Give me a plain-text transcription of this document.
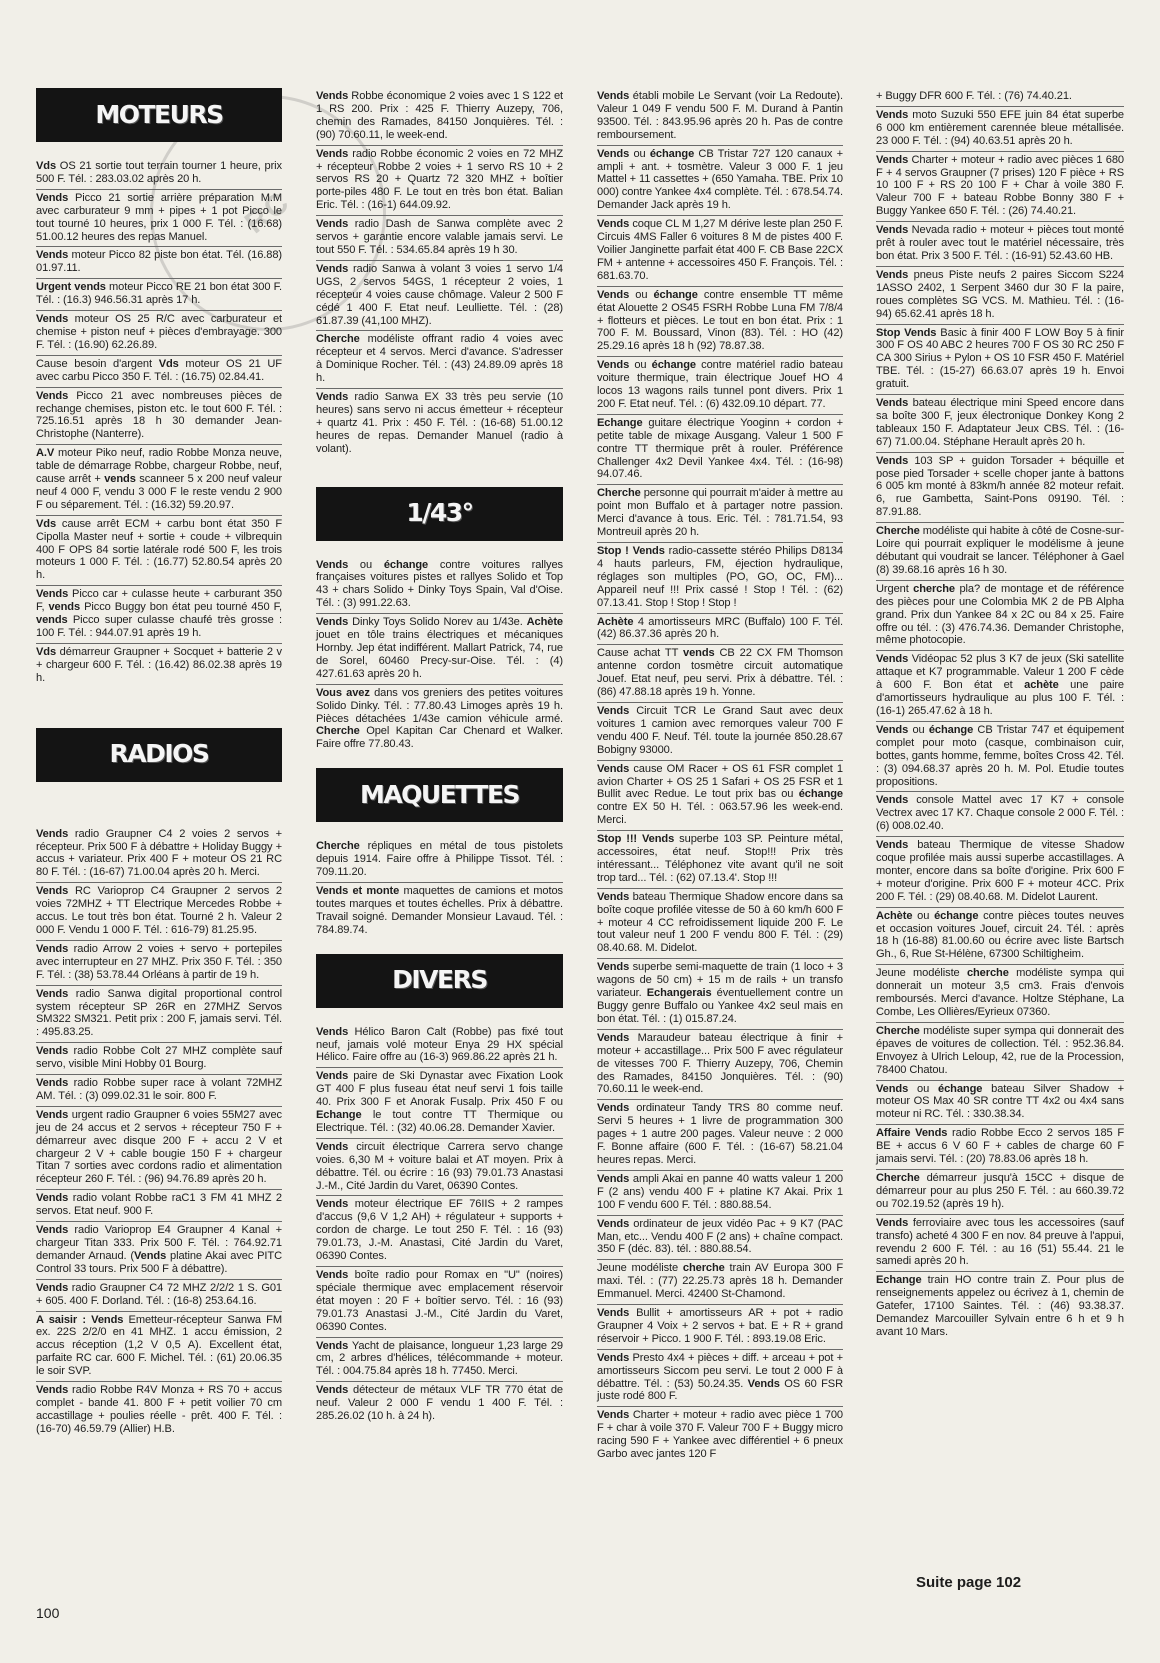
RC
MOTEURS

Vds OS 21 sortie tout terrain tourner 1 heure, prix 500 F. Tél. : 283.03.02 après 20 h.

Vends Picco 21 sortie arrière préparation M.M avec carburateur 9 mm + pipes + 1 pot Picco le tout tourné 10 heures, prix 1 000 F. Tél. : (16.68) 51.00.12 heures des repas Manuel.

Vends moteur Picco 82 piste bon état. Tél. (16.88) 01.97.11.

Urgent vends moteur Picco RE 21 bon état 300 F. Tél. : (16.3) 946.56.31 après 17 h.

Vends moteur OS 25 R/C avec carburateur et chemise + piston neuf + pièces d'embrayage. 300 F. Tél. : (16.90) 62.26.89.

Cause besoin d'argent Vds moteur OS 21 UF avec carbu Picco 350 F. Tél. : (16.75) 02.84.41.

Vends Picco 21 avec nombreuses pièces de rechange chemises, piston etc. le tout 600 F. Tél. : 725.16.51 après 18 h 30 demander Jean-Christophe (Nanterre).

A.V moteur Piko neuf, radio Robbe Monza neuve, table de démarrage Robbe, chargeur Robbe, neuf, cause arrêt + vends scanneer 5 x 200 neuf valeur neuf 4 000 F, vendu 3 000 F le reste vendu 2 900 F ou séparement. Tél. : (16.32) 59.20.97.

Vds cause arrêt ECM + carbu bont état 350 F Cipolla Master neuf + sortie + coude + vilbrequin 400 F OPS 84 sortie latérale rodé 500 F, les trois moteurs 1 000 F. Tél. : (16.77) 52.80.54 après 20 h.

Vends Picco car + culasse heute + carburant 350 F, vends Picco Buggy bon état peu tourné 450 F, vends Picco super culasse chaufé très grosse : 100 F. Tél. : 944.07.91 après 19 h.

Vds démarreur Graupner + Socquet + batterie 2 v + chargeur 600 F. Tél. : (16.42) 86.02.38 après 19 h.

RADIOS

Vends radio Graupner C4 2 voies 2 servos + récepteur. Prix 500 F à débattre + Holiday Buggy + accus + variateur. Prix 400 F + moteur OS 21 RC 80 F. Tél. : (16-67) 71.00.04 après 20 h. Merci.

Vends RC Varioprop C4 Graupner 2 servos 2 voies 72MHZ + TT Electrique Mercedes Robbe + accus. Le tout très bon état. Tourné 2 h. Valeur 2 000 F. Vendu 1 000 F. Tél. : 616-79) 81.25.95.

Vends radio Arrow 2 voies + servo + portepiles avec interrupteur en 27 MHZ. Prix 350 F. Tél. : 350 F. Tél. : (38) 53.78.44 Orléans à partir de 19 h.

Vends radio Sanwa digital proportional control system récepteur SP 26R en 27MHZ Servos SM322 SM321. Petit prix : 200 F, jamais servi. Tél. : 495.83.25.

Vends radio Robbe Colt 27 MHZ complète sauf servo, visible Mini Hobby 01 Bourg.

Vends radio Robbe super race à volant 72MHZ AM. Tél. : (3) 099.02.31 le soir. 800 F.

Vends urgent radio Graupner 6 voies 55M27 avec jeu de 24 accus et 2 servos + récepteur 750 F + démarreur avec disque 200 F + accu 2 V et chargeur 2 V + cable bougie 150 F + chargeur Titan 7 sorties avec cordons radio et alimentation récepteur 260 F. Tél. : (96) 94.76.89 après 20 h.

Vends radio volant Robbe raC1 3 FM 41 MHZ 2 servos. Etat neuf. 900 F.

Vends radio Varioprop E4 Graupner 4 Kanal + chargeur Titan 333. Prix 500 F. Tél. : 764.92.71 demander Arnaud. (Vends platine Akai avec PITC Control 33 tours. Prix 500 F à débattre).

Vends radio Graupner C4 72 MHZ 2/2/2 1 S. G01 + 605. 400 F. Dorland. Tél. : (16-8) 253.64.16.

A saisir : Vends Emetteur-récepteur Sanwa FM ex. 22S 2/2/0 en 41 MHZ. 1 accu émission, 2 accus réception (1,2 V 0,5 A). Excellent état, parfaite RC car. 600 F. Michel. Tél. : (61) 20.06.35 le soir SVP.

Vends radio Robbe R4V Monza + RS 70 + accus complet - bande 41. 800 F + petit voilier 70 cm accastillage + poulies réelle - prêt. 400 F. Tél. : (16-70) 46.59.79 (Allier) H.B.

Vends Robbe économique 2 voies avec 1 S 122 et 1 RS 200. Prix : 425 F. Thierry Auzepy, 706, chemin des Ramades, 84150 Jonquières. Tél. : (90) 70.60.11, le week-end.

Vends radio Robbe économic 2 voies en 72 MHZ + récepteur Robbe 2 voies + 1 servo RS 10 + 2 servos RS 20 + Quartz 72 320 MHZ + boîtier porte-piles 480 F. Le tout en très bon état. Balian Eric. Tél. : (16-1) 644.09.92.

Vends radio Dash de Sanwa complète avec 2 servos + garantie encore valable jamais servi. Le tout 550 F. Tél. : 534.65.84 après 19 h 30.

Vends radio Sanwa à volant 3 voies 1 servo 1/4 UGS, 2 servos 54GS, 1 récepteur 2 voies, 1 récepteur 4 voies cause chômage. Valeur 2 500 F cédé 1 400 F. Etat neuf. Leulliette. Tél. : (28) 61.87.39 (41,100 MHZ).

Cherche modéliste offrant radio 4 voies avec récepteur et 4 servos. Merci d'avance. S'adresser à Dominique Rocher. Tél. : (43) 24.89.09 après 18 h.

Vends radio Sanwa EX 33 très peu servie (10 heures) sans servo ni accus émetteur + récepteur + quartz 41. Prix : 450 F. Tél. : (16-68) 51.00.12 heures de repas. Demander Manuel (radio à volant).

1/43°

Vends ou échange contre voitures rallyes françaises voitures pistes et rallyes Solido et Top 43 + chars Solido + Dinky Toys Spain, Val d'Oise. Tél. : (3) 991.22.63.

Vends Dinky Toys Solido Norev au 1/43e. Achète jouet en tôle trains électriques et mécaniques Hornby. Jep état indifférent. Mallart Patrick, 74, rue de Sorel, 60460 Precy-sur-Oise. Tél. : (4) 427.61.63 après 20 h.

Vous avez dans vos greniers des petites voitures Solido Dinky. Tél. : 77.80.43 Limoges après 19 h. Pièces détachées 1/43e camion véhicule armé. Cherche Opel Kapitan Car Chenard et Walker. Faire offre 77.80.43.

MAQUETTES

Cherche répliques en métal de tous pistolets depuis 1914. Faire offre à Philippe Tissot. Tél. : 709.11.20.

Vends et monte maquettes de camions et motos toutes marques et toutes échelles. Prix à débattre. Travail soigné. Demander Monsieur Lavaud. Tél. : 784.89.74.

DIVERS

Vends Hélico Baron Calt (Robbe) pas fixé tout neuf, jamais volé moteur Enya 29 HX spécial Hélico. Faire offre au (16-3) 969.86.22 après 21 h.

Vends paire de Ski Dynastar avec Fixation Look GT 400 F plus fuseau état neuf servi 1 fois taille 40. Prix 300 F et Anorak Fusalp. Prix 450 F ou Echange le tout contre TT Thermique ou Electrique. Tél. : (32) 40.06.28. Demander Xavier.

Vends circuit électrique Carrera servo change voies. 6,30 M + voiture balai et AT moyen. Prix à débattre. Tél. ou écrire : 16 (93) 79.01.73 Anastasi J.-M., Cité Jardin du Varet, 06390 Contes.

Vends moteur électrique EF 76IIS + 2 rampes d'accus (9,6 V 1,2 AH) + régulateur + supports + cordon de charge. Le tout 250 F. Tél. : 16 (93) 79.01.73, J.-M. Anastasi, Cité Jardin du Varet, 06390 Contes.

Vends boîte radio pour Romax en "U" (noires) spéciale thermique avec emplacement réservoir état moyen : 20 F + boîtier servo. Tél. : 16 (93) 79.01.73 Anastasi J.-M., Cité Jardin du Varet, 06390 Contes.

Vends Yacht de plaisance, longueur 1,23 large 29 cm, 2 arbres d'hélices, télécommande + moteur. Tél. : 004.75.84 après 18 h. 77450. Merci.

Vends détecteur de métaux VLF TR 770 état de neuf. Valeur 2 000 F vendu 1 400 F. Tél. : 285.26.02 (10 h. à 24 h).

Vends établi mobile Le Servant (voir La Redoute). Valeur 1 049 F vendu 500 F. M. Durand à Pantin 93500. Tél. : 843.95.96 après 20 h. Pas de contre remboursement.

Vends ou échange CB Tristar 727 120 canaux + ampli + ant. + tosmètre. Valeur 3 000 F. 1 jeu Mattel + 11 cassettes + (650 Yamaha. TBE. Prix 10 000) contre Yankee 4x4 complète. Tél. : 678.54.74. Demander Jack après 19 h.

Vends coque CL M 1,27 M dérive leste plan 250 F. Circuis 4MS Faller 6 voitures 8 M de pistes 400 F. Voilier Janginette parfait état 400 F. CB Base 22CX FM + antenne + accessoires 450 F. François. Tél. : 681.63.70.

Vends ou échange contre ensemble TT même état Alouette 2 OS45 FSRH Robbe Luna FM 7/8/4 + flotteurs et pièces. Le tout en bon état. Prix : 1 700 F. M. Boussard, Vinon (83). Tél. : HO (42) 25.29.16 après 18 h (92) 78.87.38.

Vends ou échange contre matériel radio bateau voiture thermique, train électrique Jouef HO 4 locos 13 wagons rails tunnel pont divers. Prix 1 200 F. Etat neuf. Tél. : (6) 432.09.10 départ. 77.

Echange guitare électrique Yooginn + cordon + petite table de mixage Ausgang. Valeur 1 500 F contre TT thermique prêt à rouler. Préférence Challenger 4x2 Devil Yankee 4x4. Tél. : (16-98) 94.07.46.

Cherche personne qui pourrait m'aider à mettre au point mon Buffalo et à partager notre passion. Merci d'avance à tous. Eric. Tél. : 781.71.54, 93 Montreuil après 20 h.

Stop ! Vends radio-cassette stéréo Philips D8134 4 hauts parleurs, FM, éjection hydraulique, réglages son multiples (PO, GO, OC, FM)... Appareil neuf !!! Prix cassé ! Stop ! Tél. : (62) 07.13.41. Stop ! Stop ! Stop !

Achète 4 amortisseurs MRC (Buffalo) 100 F. Tél. (42) 86.37.36 après 20 h.

Cause achat TT vends CB 22 CX FM Thomson antenne cordon tosmètre circuit automatique Jouef. Etat neuf, peu servi. Prix à débattre. Tél. : (86) 47.88.18 après 19 h. Yonne.

Vends Circuit TCR Le Grand Saut avec deux voitures 1 camion avec remorques valeur 700 F vendu 400 F. Neuf. Tél. toute la journée 850.28.67 Bobigny 93000.

Vends cause OM Racer + OS 61 FSR complet 1 avion Charter + OS 25 1 Safari + OS 25 FSR et 1 Bullit avec Redue. Le tout prix bas ou échange contre EX 50 H. Tél. : 063.57.96 les week-end. Merci.

Stop !!! Vends superbe 103 SP. Peinture métal, accessoires, état neuf. Stop!!! Prix très intéressant... Téléphonez vite avant qu'il ne soit trop tard... Tél. : (62) 07.13.4'. Stop !!!

Vends bateau Thermique Shadow encore dans sa boîte coque profilée vitesse de 50 à 60 km/h 600 F + moteur 4 CC refroidissement liquide 200 F. Le tout valeur neuf 1 200 F vendu 800 F. Tél. : (29) 08.40.68. M. Didelot.

Vends superbe semi-maquette de train (1 loco + 3 wagons de 50 cm) + 15 m de rails + un transfo variateur. Echangerais éventuellement contre un Buggy genre Buffalo ou Yankee 4x2 seul mais en bon état. Tél. : (1) 015.87.24.

Vends Maraudeur bateau électrique à finir + moteur + accastillage... Prix 500 F avec régulateur de vitesses 700 F. Thierry Auzepy, 706, Chemin des Ramades, 84150 Jonquières. Tél. : (90) 70.60.11 le week-end.

Vends ordinateur Tandy TRS 80 comme neuf. Servi 5 heures + 1 livre de programmation 300 pages + 1 autre 200 pages. Valeur neuve : 2 000 F. Bonne affaire (600 F. Tél. : (16-67) 58.21.04 heures repas. Merci.

Vends ampli Akai en panne 40 watts valeur 1 200 F (2 ans) vendu 400 F + platine K7 Akai. Prix 1 100 F vendu 600 F. Tél. : 880.88.54.

Vends ordinateur de jeux vidéo Pac + 9 K7 (PAC Man, etc... Vendu 400 F (2 ans) + chaîne compact. 350 F (déc. 83). tél. : 880.88.54.

Jeune modéliste cherche train AV Europa 300 F maxi. Tél. : (77) 22.25.73 après 18 h. Demander Emmanuel. Merci. 42400 St-Chamond.

Vends Bullit + amortisseurs AR + pot + radio Graupner 4 Voix + 2 servos + bat. E + R + grand réservoir + Picco. 1 900 F. Tél. : 893.19.08 Eric.

Vends Presto 4x4 + pièces + diff. + arceau + pot + amortisseurs Siccom peu servi. Le tout 2 000 F à débattre. Tél. : (53) 50.24.35. Vends OS 60 FSR juste rodé 800 F.

Vends Charter + moteur + radio avec pièce 1 700 F + char à voile 370 F. Valeur 700 F + Buggy micro racing 590 F + Yankee avec différentiel + 6 pneux Garbo avec jantes 120 F

+ Buggy DFR 600 F. Tél. : (76) 74.40.21.

Vends moto Suzuki 550 EFE juin 84 état superbe 6 000 km entièrement carennée bleue métallisée. 23 000 F. Tél. : (94) 40.63.51 après 20 h.

Vends Charter + moteur + radio avec pièces 1 680 F + 4 servos Graupner (7 prises) 120 F pièce + RS 10 100 F + RS 20 100 F + Char à voile 380 F. Valeur 700 F + bateau Robbe Bonny 380 F + Buggy Yankee 650 F. Tél. : (26) 74.40.21.

Vends Nevada radio + moteur + pièces tout monté prêt à rouler avec tout le matériel nécessaire, très bon état. Prix 3 500 F. Tél. : (16-91) 52.43.60 HB.

Vends pneus Piste neufs 2 paires Siccom S224 1ASSO 2402, 1 Serpent 3460 dur 30 F la paire, roues complètes SG VCS. M. Mathieu. Tél. : (16-94) 65.62.41 après 18 h.

Stop Vends Basic à finir 400 F LOW Boy 5 à finir 300 F OS 40 ABC 2 heures 700 F OS 30 RC 250 F CA 300 Sirius + Pylon + OS 10 FSR 450 F. Matériel TBE. Tél. : (15-27) 66.63.07 après 19 h. Envoi gratuit.

Vends bateau électrique mini Speed encore dans sa boîte 300 F, jeux électronique Donkey Kong 2 tableaux 150 F. Adaptateur Jeux CBS. Tél. : (16-67) 71.00.04. Stéphane Herault après 20 h.

Vends 103 SP + guidon Torsader + béquille et pose pied Torsader + scelle choper jante à battons 6 005 km monté à 83km/h année 82 moteur refait. 6, rue Gambetta, Saint-Pons 09190. Tél. : 87.91.88.

Cherche modéliste qui habite à côté de Cosne-sur-Loire qui pourrait expliquer le modélisme à jeune débutant qui voudrait se lancer. Téléphoner à Gael (8) 39.68.16 après 16 h 30.

Urgent cherche pla? de montage et de référence des pièces pour une Colombia MK 2 de PB Alpha grand. Prix dun Yankee 84 x 2C ou 84 x 25. Faire offre ou tél. : (3) 476.74.36. Demander Christophe, même photocopie.

Vends Vidéopac 52 plus 3 K7 de jeux (Ski satellite attaque et K7 programmable. Valeur 1 200 F cède à 600 F. Bon état et achète une paire d'amortisseurs hydraulique au plus 100 F. Tél. : (16-1) 265.47.62 à 18 h.

Vends ou échange CB Tristar 747 et équipement complet pour moto (casque, combinaison cuir, bottes, gants homme, femme, boîtes Cross 42. Tél. : (3) 094.68.37 après 20 h. M. Pol. Etudie toutes propositions.

Vends console Mattel avec 17 K7 + console Vectrex avec 17 K7. Chaque console 2 000 F. Tél. : (6) 008.02.40.

Vends bateau Thermique de vitesse Shadow coque profilée mais aussi superbe accastillages. A monter, encore dans sa boîte d'origine. Prix 600 F + moteur d'origine. Prix 600 F + moteur 4CC. Prix 200 F. Tél. : (29) 08.40.68. M. Didelot Laurent.

Achète ou échange contre pièces toutes neuves et occasion voitures Jouef, circuit 24. Tél. : après 18 h (16-88) 81.00.60 ou écrire avec liste Bartsch Gh., 6, Rue St-Hélène, 67300 Schiltigheim.

Jeune modéliste cherche modéliste sympa qui donnerait un moteur 3,5 cm3. Frais d'envois remboursés. Merci d'avance. Holtze Stéphane, La Combe, Les Ollières/Eyrieux 07360.

Cherche modéliste super sympa qui donnerait des épaves de voitures de collection. Tél. : 952.36.84. Envoyez à Ulrich Leloup, 42, rue de la Procession, 78400 Chatou.

Vends ou échange bateau Silver Shadow + moteur OS Max 40 SR contre TT 4x2 ou 4x4 sans moteur ni RC. Tél. : 330.38.34.

Affaire Vends radio Robbe Ecco 2 servos 185 F BE + accus 6 V 60 F + cables de charge 60 F jamais servi. Tél. : (20) 78.83.06 après 18 h.

Cherche démarreur jusqu'à 15CC + disque de démarreur pour au plus 250 F. Tél. : au 660.39.72 ou 702.19.52 (après 19 h).

Vends ferroviaire avec tous les accessoires (sauf transfo) acheté 4 300 F en nov. 84 preuve à l'appui, revendu 2 600 F. Tél. : au 16 (51) 55.44. 21 le samedi après 20 h.

Echange train HO contre train Z. Pour plus de renseignements appelez ou écrivez à 1, chemin de Gatefer, 17100 Saintes. Tél. : (46) 93.38.37. Demandez Marcouiller Sylvain entre 6 h et 9 h avant 10 Mars.

Suite page 102
100
